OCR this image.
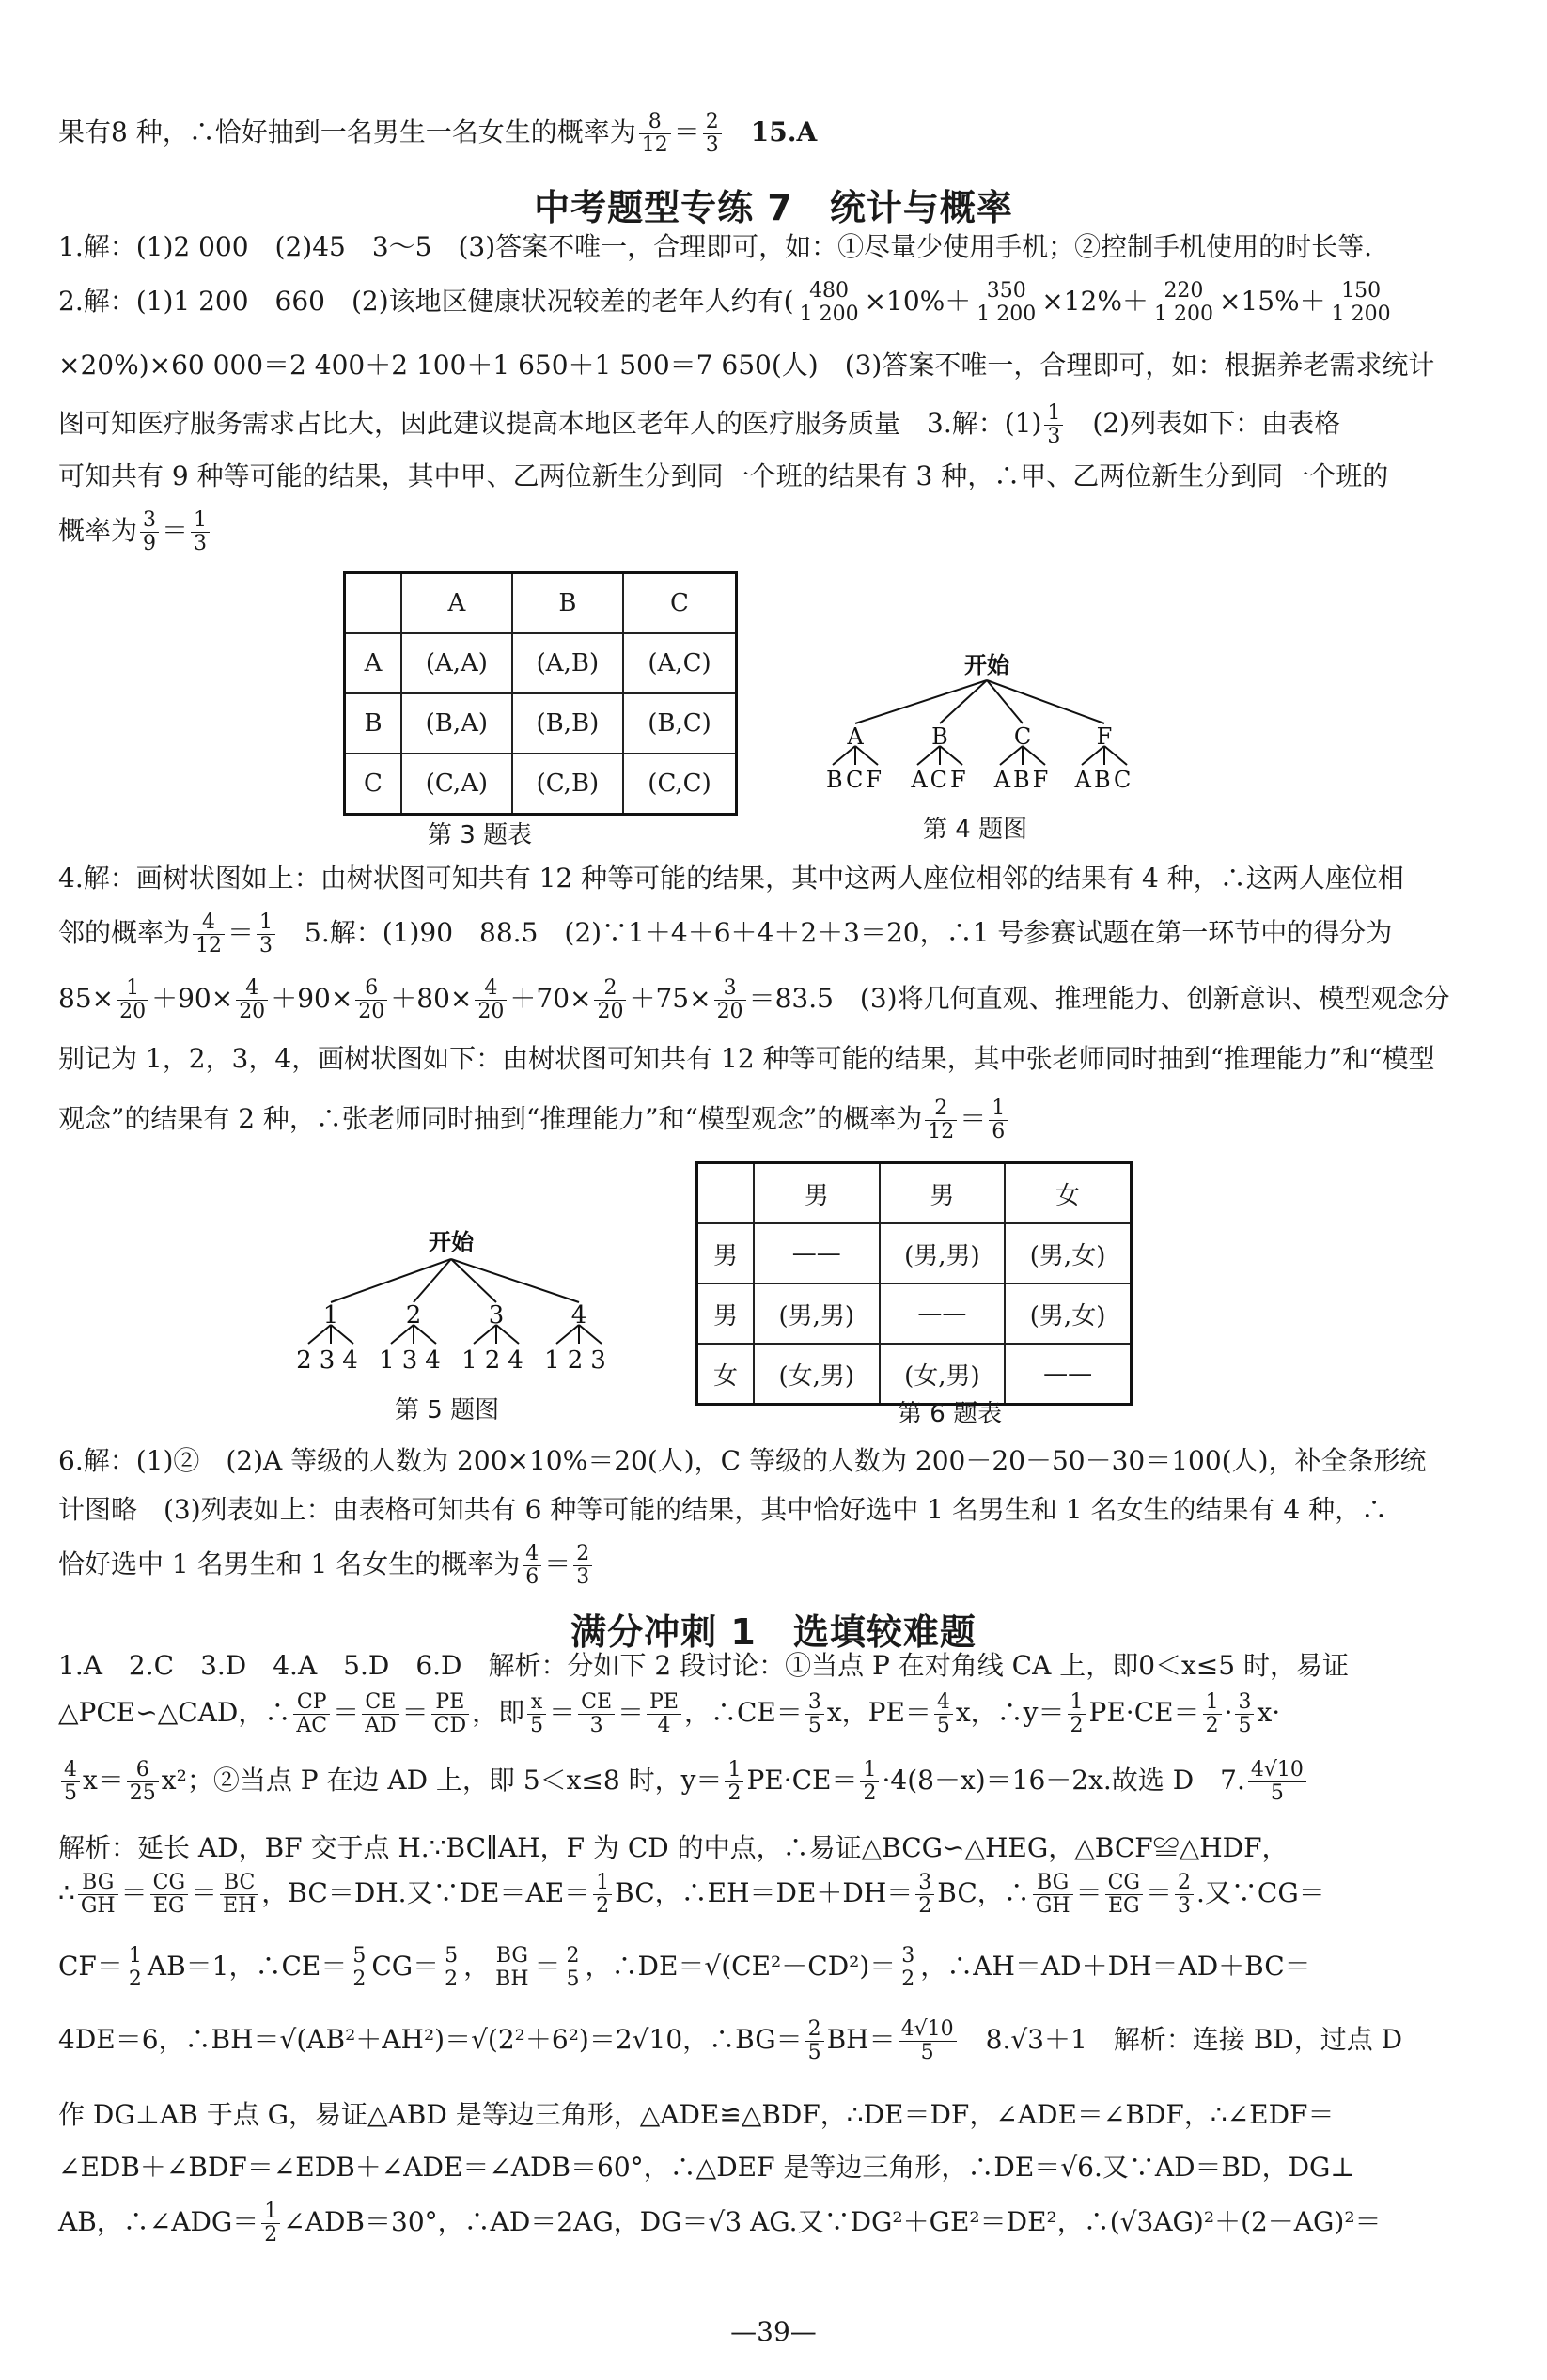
果有8 种，∴恰好抽到一名男生一名女生的概率为 $\frac{8}{12} = \frac{2}{3}$
　 15.A
中考题型专练 7　统计与概率
1.解：(1)2 000　(2)45　3～5　(3)答案不唯一，合理即可，如：①尽量少使用手机；②控制手机使用的时长等.
2.解：(1)1 200　660　(2)该地区健康状况较差的老年人约有( $\frac{480}{1 200} \times 10\%+ \frac{350}{1 200} \times 12\%+ \frac{220}{1 200} \times 15\%+ \frac{150}{1 200}$
×20%)×60 000＝2 400＋2 100＋1 650＋1 500＝7 650(人)　(3)答案不唯一，合理即可，如：根据养老需求统计
图可知医疗服务需求占比大，因此建议提高本地区老年人的医疗服务质量　3.解：$(1) \frac{1}{3}$
　 (2)列表如下：由表格
可知共有 9 种等可能的结果，其中甲、乙两位新生分到同一个班的结果有 3 种，∴甲、乙两位新生分到同一个班的
概率为 $\frac{3}{9} = \frac{1}{3}$
	A	B	C
A	(A,A)	(A,B)	(A,C)
B	(B,A)	(B,B)	(B,C)
C	(C,A)	(C,B)	(C,C)
第 3 题表
开始
A	B	C	F
BCF ACF ABF ABC
第 4 题图
4.解：画树状图如上：由树状图可知共有 12 种等可能的结果，其中这两人座位相邻的结果有 4 种，∴这两人座位相
邻的概率为 $\frac{4}{12} = \frac{1}{3}$
　 5.解：(1)90　88.5　(2)∵1＋4＋6＋4＋2＋3＝20，∴1 号参赛试题在第一环节中的得分为
$85\times \frac{1}{20} +90\times \frac{4}{20} +90\times \frac{6}{20} +80\times \frac{4}{20} +70\times \frac{2}{20} +75\times \frac{3}{20} =83.5$　(3)将几何直观、推理能力、创新意识、模型观念分
别记为 1，2，3，4，画树状图如下：由树状图可知共有 12 种等可能的结果，其中张老师同时抽到“推理能力”和“模型
观念”的结果有 2 种，∴张老师同时抽到“推理能力”和“模型观念”的概率为 $\frac{2}{12} = \frac{1}{6}$
开始
1	2	3	4
234 134 124 123
第 5 题图
	男	男	女
男	——	(男,男)	(男,女)
男	(男,男)	——	(男,女)
女	(女,男)	(女,男)	——
第 6 题表
6.解：(1)②　(2)A 等级的人数为 200×10%＝20(人)，C 等级的人数为 200－20－50－30＝100(人)，补全条形统
计图略　(3)列表如上：由表格可知共有 6 种等可能的结果，其中恰好选中 1 名男生和 1 名女生的结果有 4 种，∴
恰好选中 1 名男生和 1 名女生的概率为 $\frac{4}{6} = \frac{2}{3}$
满分冲刺 1　选填较难题
1.A　2.C　3.D　4.A　5.D　6.D　解析：分如下 2 段讨论：①当点 P 在对角线 CA 上，即0＜x≤5 时，易证
△PCE∽△CAD，∴ $\frac{CP}{AC} = \frac{CE}{AD} = \frac{PE}{CD}$ ，即 $\frac{x}{5} = \frac{CE}{3} = \frac{PE}{4}$ ，∴CE＝ $\frac{3}{5}$ x，$PE= \frac{4}{5}$ x，∴y＝ $\frac{1}{2} PE\cdot CE= \frac{1}{2} \cdot \frac{3}{5} x\cdot$
$\frac{4}{5} x= \frac{6}{25} x^2$；②当点 P 在边 AD 上，即 5＜x≤8 时，$y= \frac{1}{2} PE\cdot CE= \frac{1}{2} \cdot 4(8-x)=16-2x$.故选 D　7. $\frac{4√10}{5}$
解析：延长 AD，BF 交于点 H.∵BC∥AH，F 为 CD 的中点，∴易证△BCG∽△HEG，△BCF≌△HDF，
∴ $\frac{BG}{GH} = \frac{CG}{EG} = \frac{BC}{EH}$ ，BC＝DH.又∵DE＝AE＝ $\frac{1}{2}$ BC，∴EH＝DE＋DH＝ $\frac{3}{2}$ BC，∴ $\frac{BG}{GH} = \frac{CG}{EG} = \frac{2}{3}$ .又∵CG＝
$CF= \frac{1}{2} AB=1$，∴CE＝ $\frac{5}{2} CG= \frac{5}{2}$ ， $\frac{BG}{BH} = \frac{2}{5}$ ，∴DE＝√(CE²－CD²)＝ $\frac{3}{2}$ ，∴AH＝AD＋DH＝AD＋BC＝
4DE＝6，∴BH＝√(AB²＋AH²)＝√(2²＋6²)＝2√10，∴BG＝ $\frac{2}{5} BH= \frac{4√10}{5}$ 　8.√3＋1　解析：连接 BD，过点 D
作 DG⊥AB 于点 G，易证△ABD 是等边三角形，△ADE≌△BDF，∴DE＝DF，∠ADE＝∠BDF，∴∠EDF＝
∠EDB＋∠BDF＝∠EDB＋∠ADE＝∠ADB＝60°，∴△DEF 是等边三角形，∴DE＝√6.又∵AD＝BD，DG⊥
AB，∴∠ADG＝ $\frac{1}{2}$ ∠ADB＝30°，∴AD＝2AG，DG＝√3 AG.又∵DG²＋GE²＝DE²，∴(√3AG)²＋(2－AG)²＝
—39—
